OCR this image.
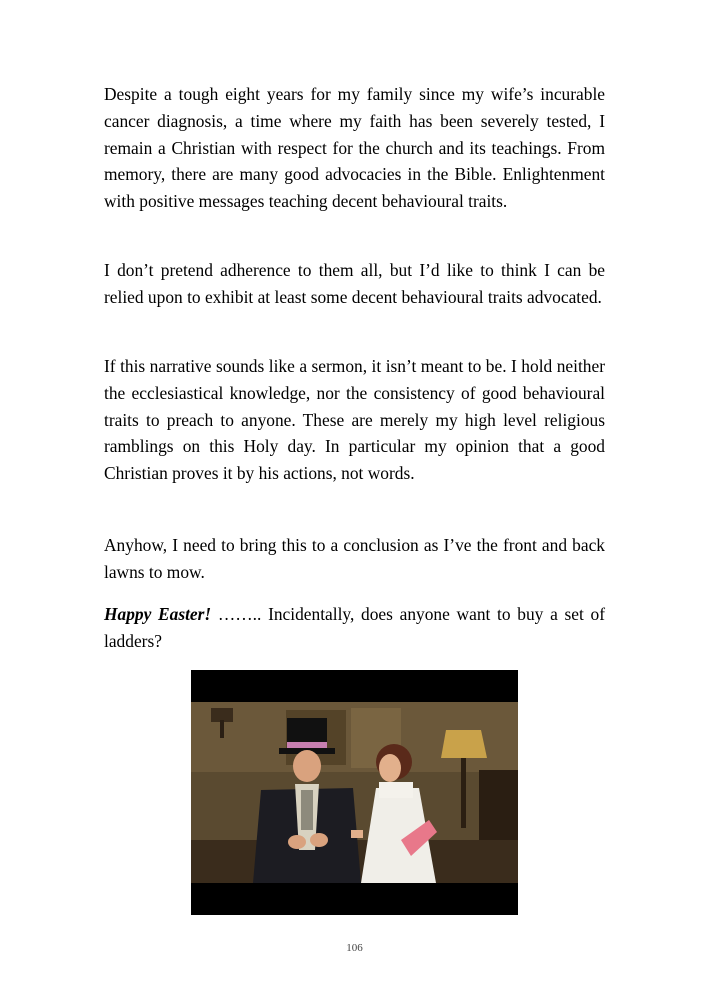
Despite a tough eight years for my family since my wife’s incurable cancer diagnosis, a time where my faith has been severely tested, I remain a Christian with respect for the church and its teachings. From memory, there are many good advocacies in the Bible. Enlightenment with positive messages teaching decent behavioural traits.

I don’t pretend adherence to them all, but I’d like to think I can be relied upon to exhibit at least some decent behavioural traits advocated.

If this narrative sounds like a sermon, it isn’t meant to be. I hold neither the ecclesiastical knowledge, nor the consistency of good behavioural traits to preach to anyone. These are merely my high level religious ramblings on this Holy day. In particular my opinion that a good Christian proves it by his actions, not words.

Anyhow, I need to bring this to a conclusion as I’ve the front and back lawns to mow.

Happy Easter! …….. Incidentally, does anyone want to buy a set of ladders?

106
